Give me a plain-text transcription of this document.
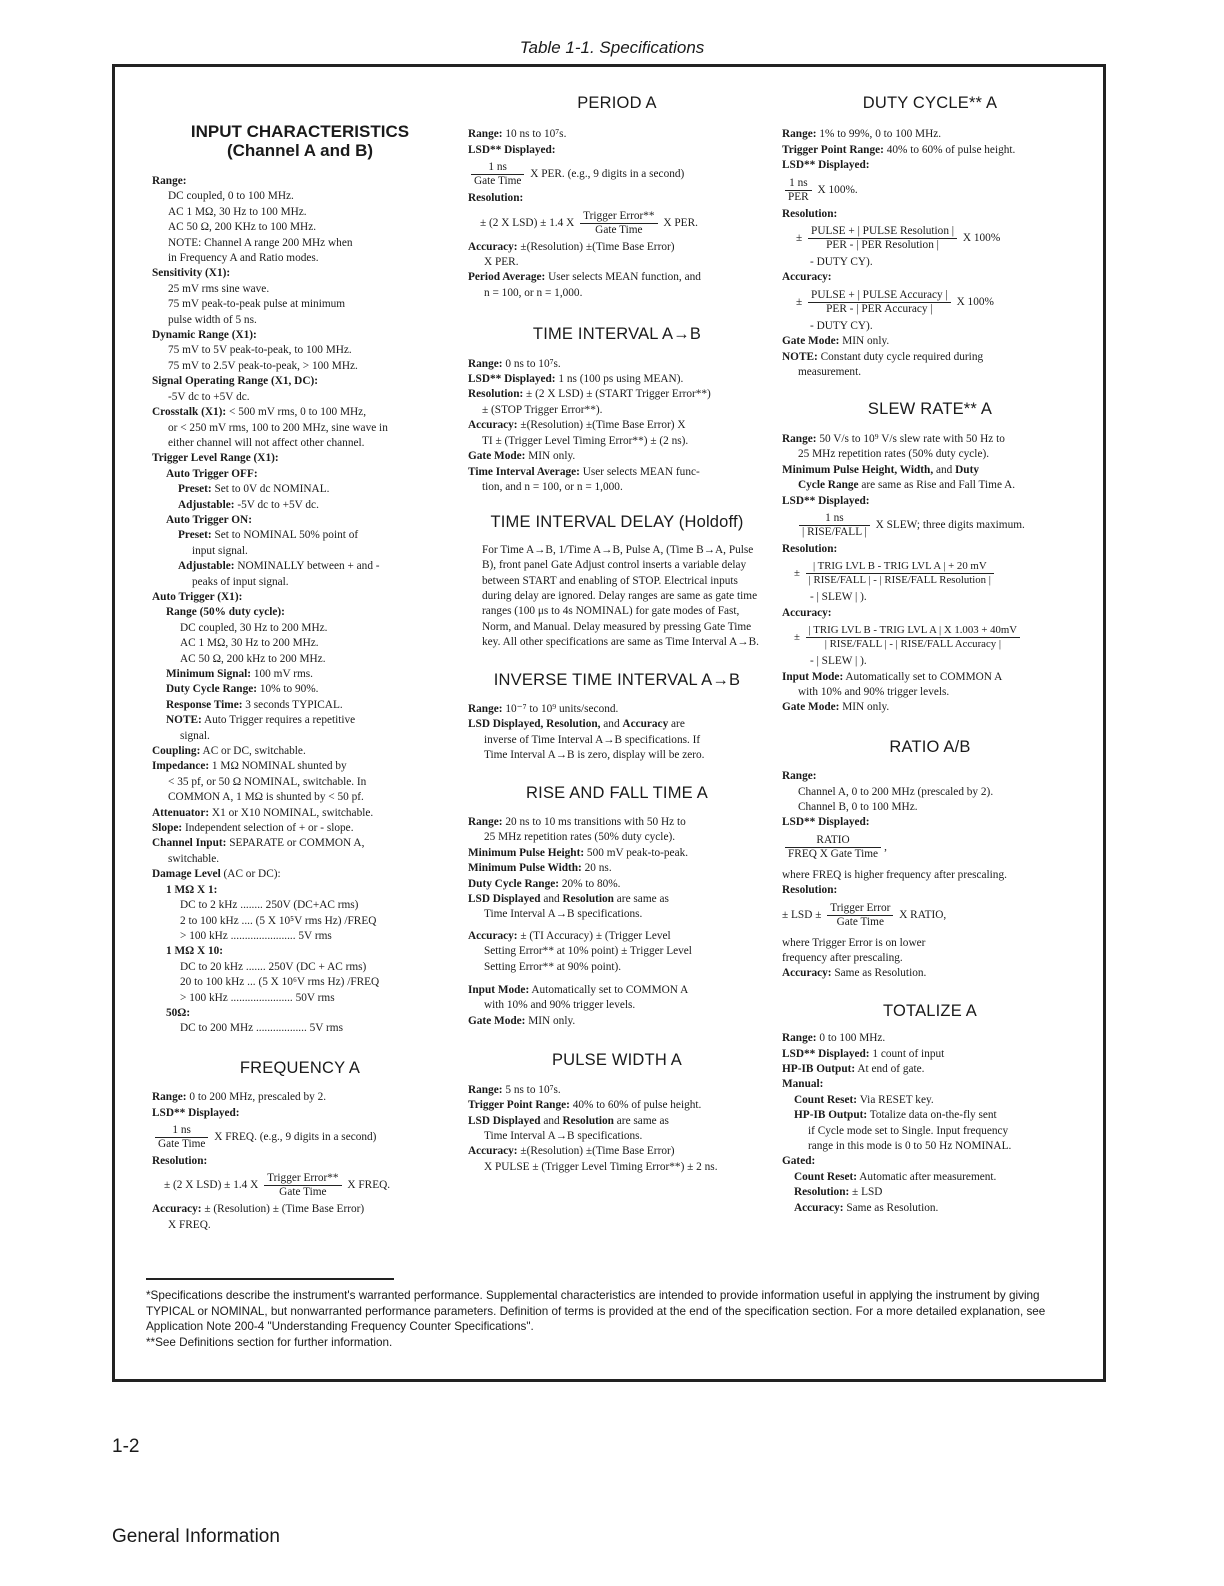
Table 1-1. Specifications
INPUT CHARACTERISTICS
(Channel A and B)
Range:
DC coupled, 0 to 100 MHz.
AC 1 MΩ, 30 Hz to 100 MHz.
AC 50 Ω, 200 KHz to 100 MHz.
NOTE: Channel A range 200 MHz when
in Frequency A and Ratio modes.
Sensitivity (X1):
25 mV rms sine wave.
75 mV peak-to-peak pulse at minimum
pulse width of 5 ns.
Dynamic Range (X1):
75 mV to 5V peak-to-peak, to 100 MHz.
75 mV to 2.5V peak-to-peak, > 100 MHz.
Signal Operating Range (X1, DC):
-5V dc to +5V dc.
Crosstalk (X1): < 500 mV rms, 0 to 100 MHz,
or < 250 mV rms, 100 to 200 MHz, sine wave in
either channel will not affect other channel.
Trigger Level Range (X1):
Auto Trigger OFF:
Preset: Set to 0V dc NOMINAL.
Adjustable: -5V dc to +5V dc.
Auto Trigger ON:
Preset: Set to NOMINAL 50% point of
input signal.
Adjustable: NOMINALLY between + and -
peaks of input signal.
Auto Trigger (X1):
Range (50% duty cycle):
DC coupled, 30 Hz to 200 MHz.
AC 1 MΩ, 30 Hz to 200 MHz.
AC 50 Ω, 200 kHz to 200 MHz.
Minimum Signal: 100 mV rms.
Duty Cycle Range: 10% to 90%.
Response Time: 3 seconds TYPICAL.
NOTE: Auto Trigger requires a repetitive
signal.
Coupling: AC or DC, switchable.
Impedance: 1 MΩ NOMINAL shunted by
< 35 pf, or 50 Ω NOMINAL, switchable. In
COMMON A, 1 MΩ is shunted by < 50 pf.
Attenuator: X1 or X10 NOMINAL, switchable.
Slope: Independent selection of + or - slope.
Channel Input: SEPARATE or COMMON A,
switchable.
Damage Level (AC or DC):
1 MΩ X 1:
DC to 2 kHz ........ 250V (DC+AC rms)
2 to 100 kHz .... (5 X 10⁵V rms Hz) /FREQ
> 100 kHz ....................... 5V rms
1 MΩ X 10:
DC to 20 kHz ....... 250V (DC + AC rms)
20 to 100 kHz ... (5 X 10⁶V rms Hz) /FREQ
> 100 kHz ...................... 50V rms
50Ω:
DC to 200 MHz .................. 5V rms
FREQUENCY A
Range: 0 to 200 MHz, prescaled by 2.
LSD** Displayed:
$\frac{1 ns}{\text{Gate Time}}$ X FREQ. (e.g., 9 digits in a second)
Resolution:
± (2 X LSD) ± 1.4 X $\frac{\text{Trigger Error**}}{\text{Gate Time}}$ X FREQ.
Accuracy: ± (Resolution) ± (Time Base Error)
X FREQ.
PERIOD A
Range: 10 ns to 10⁷s.
LSD** Displayed:
$\frac{1 ns}{\text{Gate Time}}$ X PER. (e.g., 9 digits in a second)
Resolution:
± (2 X LSD) ± 1.4 X $\frac{\text{Trigger Error**}}{\text{Gate Time}}$ X PER.
Accuracy: ±(Resolution) ±(Time Base Error)
X PER.
Period Average: User selects MEAN function, and
n = 100, or n = 1,000.
TIME INTERVAL A→B
Range: 0 ns to 10⁷s.
LSD** Displayed: 1 ns (100 ps using MEAN).
Resolution: ± (2 X LSD) ± (START Trigger Error**)
± (STOP Trigger Error**).
Accuracy: ±(Resolution) ±(Time Base Error) X
TI ± (Trigger Level Timing Error**) ± (2 ns).
Gate Mode: MIN only.
Time Interval Average: User selects MEAN func-
tion, and n = 100, or n = 1,000.
TIME INTERVAL DELAY (Holdoff)
For Time A→B, 1/Time A→B, Pulse A, (Time B→A, Pulse B), front panel Gate Adjust control inserts a variable delay between START and enabling of STOP. Electrical inputs during delay are ignored. Delay ranges are same as gate time ranges (100 μs to 4s NOMINAL) for gate modes of Fast, Norm, and Manual. Delay measured by pressing Gate Time key. All other specifications are same as Time Interval A→B.
INVERSE TIME INTERVAL A→B
Range: 10⁻⁷ to 10⁹ units/second.
LSD Displayed, Resolution, and Accuracy are
inverse of Time Interval A→B specifications. If
Time Interval A→B is zero, display will be zero.
RISE AND FALL TIME A
Range: 20 ns to 10 ms transitions with 50 Hz to
25 MHz repetition rates (50% duty cycle).
Minimum Pulse Height: 500 mV peak-to-peak.
Minimum Pulse Width: 20 ns.
Duty Cycle Range: 20% to 80%.
LSD Displayed and Resolution are same as
Time Interval A→B specifications.
Accuracy: ± (TI Accuracy) ± (Trigger Level
Setting Error** at 10% point) ± Trigger Level
Setting Error** at 90% point).
Input Mode: Automatically set to COMMON A
with 10% and 90% trigger levels.
Gate Mode: MIN only.
PULSE WIDTH A
Range: 5 ns to 10⁷s.
Trigger Point Range: 40% to 60% of pulse height.
LSD Displayed and Resolution are same as
Time Interval A→B specifications.
Accuracy: ±(Resolution) ±(Time Base Error)
X PULSE ± (Trigger Level Timing Error**) ± 2 ns.
DUTY CYCLE** A
Range: 1% to 99%, 0 to 100 MHz.
Trigger Point Range: 40% to 60% of pulse height.
LSD** Displayed:
$\frac{1 ns}{\text{PER}}$ X 100%.
Resolution:
± $\frac{\text{PULSE + | PULSE Resolution |}}{\text{PER - | PER Resolution |}}$ X 100%
- DUTY CY).
Accuracy:
± $\frac{\text{PULSE + | PULSE Accuracy |}}{\text{PER - | PER Accuracy |}}$ X 100%
- DUTY CY).
Gate Mode: MIN only.
NOTE: Constant duty cycle required during
measurement.
SLEW RATE** A
Range: 50 V/s to 10⁹ V/s slew rate with 50 Hz to
25 MHz repetition rates (50% duty cycle).
Minimum Pulse Height, Width, and Duty
Cycle Range are same as Rise and Fall Time A.
LSD** Displayed:
$\frac{1 ns}{\text{| RISE/FALL |}}$ X SLEW; three digits maximum.
Resolution:
± $\frac{\text{| TRIG LVL B - TRIG LVL A | + 20 mV}}{\text{| RISE/FALL | - | RISE/FALL Resolution |}}$
- | SLEW | ).
Accuracy:
± $\frac{\text{| TRIG LVL B - TRIG LVL A | X 1.003 + 40mV}}{\text{| RISE/FALL | - | RISE/FALL Accuracy |}}$
- | SLEW | ).
Input Mode: Automatically set to COMMON A
with 10% and 90% trigger levels.
Gate Mode: MIN only.
RATIO A/B
Range:
Channel A, 0 to 200 MHz (prescaled by 2).
Channel B, 0 to 100 MHz.
LSD** Displayed:
$\frac{\text{RATIO}}{\text{FREQ X Gate Time}}$ ,
where FREQ is higher frequency after prescaling.
Resolution:
± LSD ± $\frac{\text{Trigger Error}}{\text{Gate Time}}$ X RATIO,
where Trigger Error is on lower
frequency after prescaling.
Accuracy: Same as Resolution.
TOTALIZE A
Range: 0 to 100 MHz.
LSD** Displayed: 1 count of input
HP-IB Output: At end of gate.
Manual:
Count Reset: Via RESET key.
HP-IB Output: Totalize data on-the-fly sent
if Cycle mode set to Single. Input frequency
range in this mode is 0 to 50 Hz NOMINAL.
Gated:
Count Reset: Automatic after measurement.
Resolution: ± LSD
Accuracy: Same as Resolution.
*Specifications describe the instrument's warranted performance. Supplemental characteristics are intended to provide information useful in applying the instrument by giving TYPICAL or NOMINAL, but nonwarranted performance parameters. Definition of terms is provided at the end of the specification section. For a more detailed explanation, see Application Note 200-4 "Understanding Frequency Counter Specifications".
**See Definitions section for further information.
1-2
General Information
